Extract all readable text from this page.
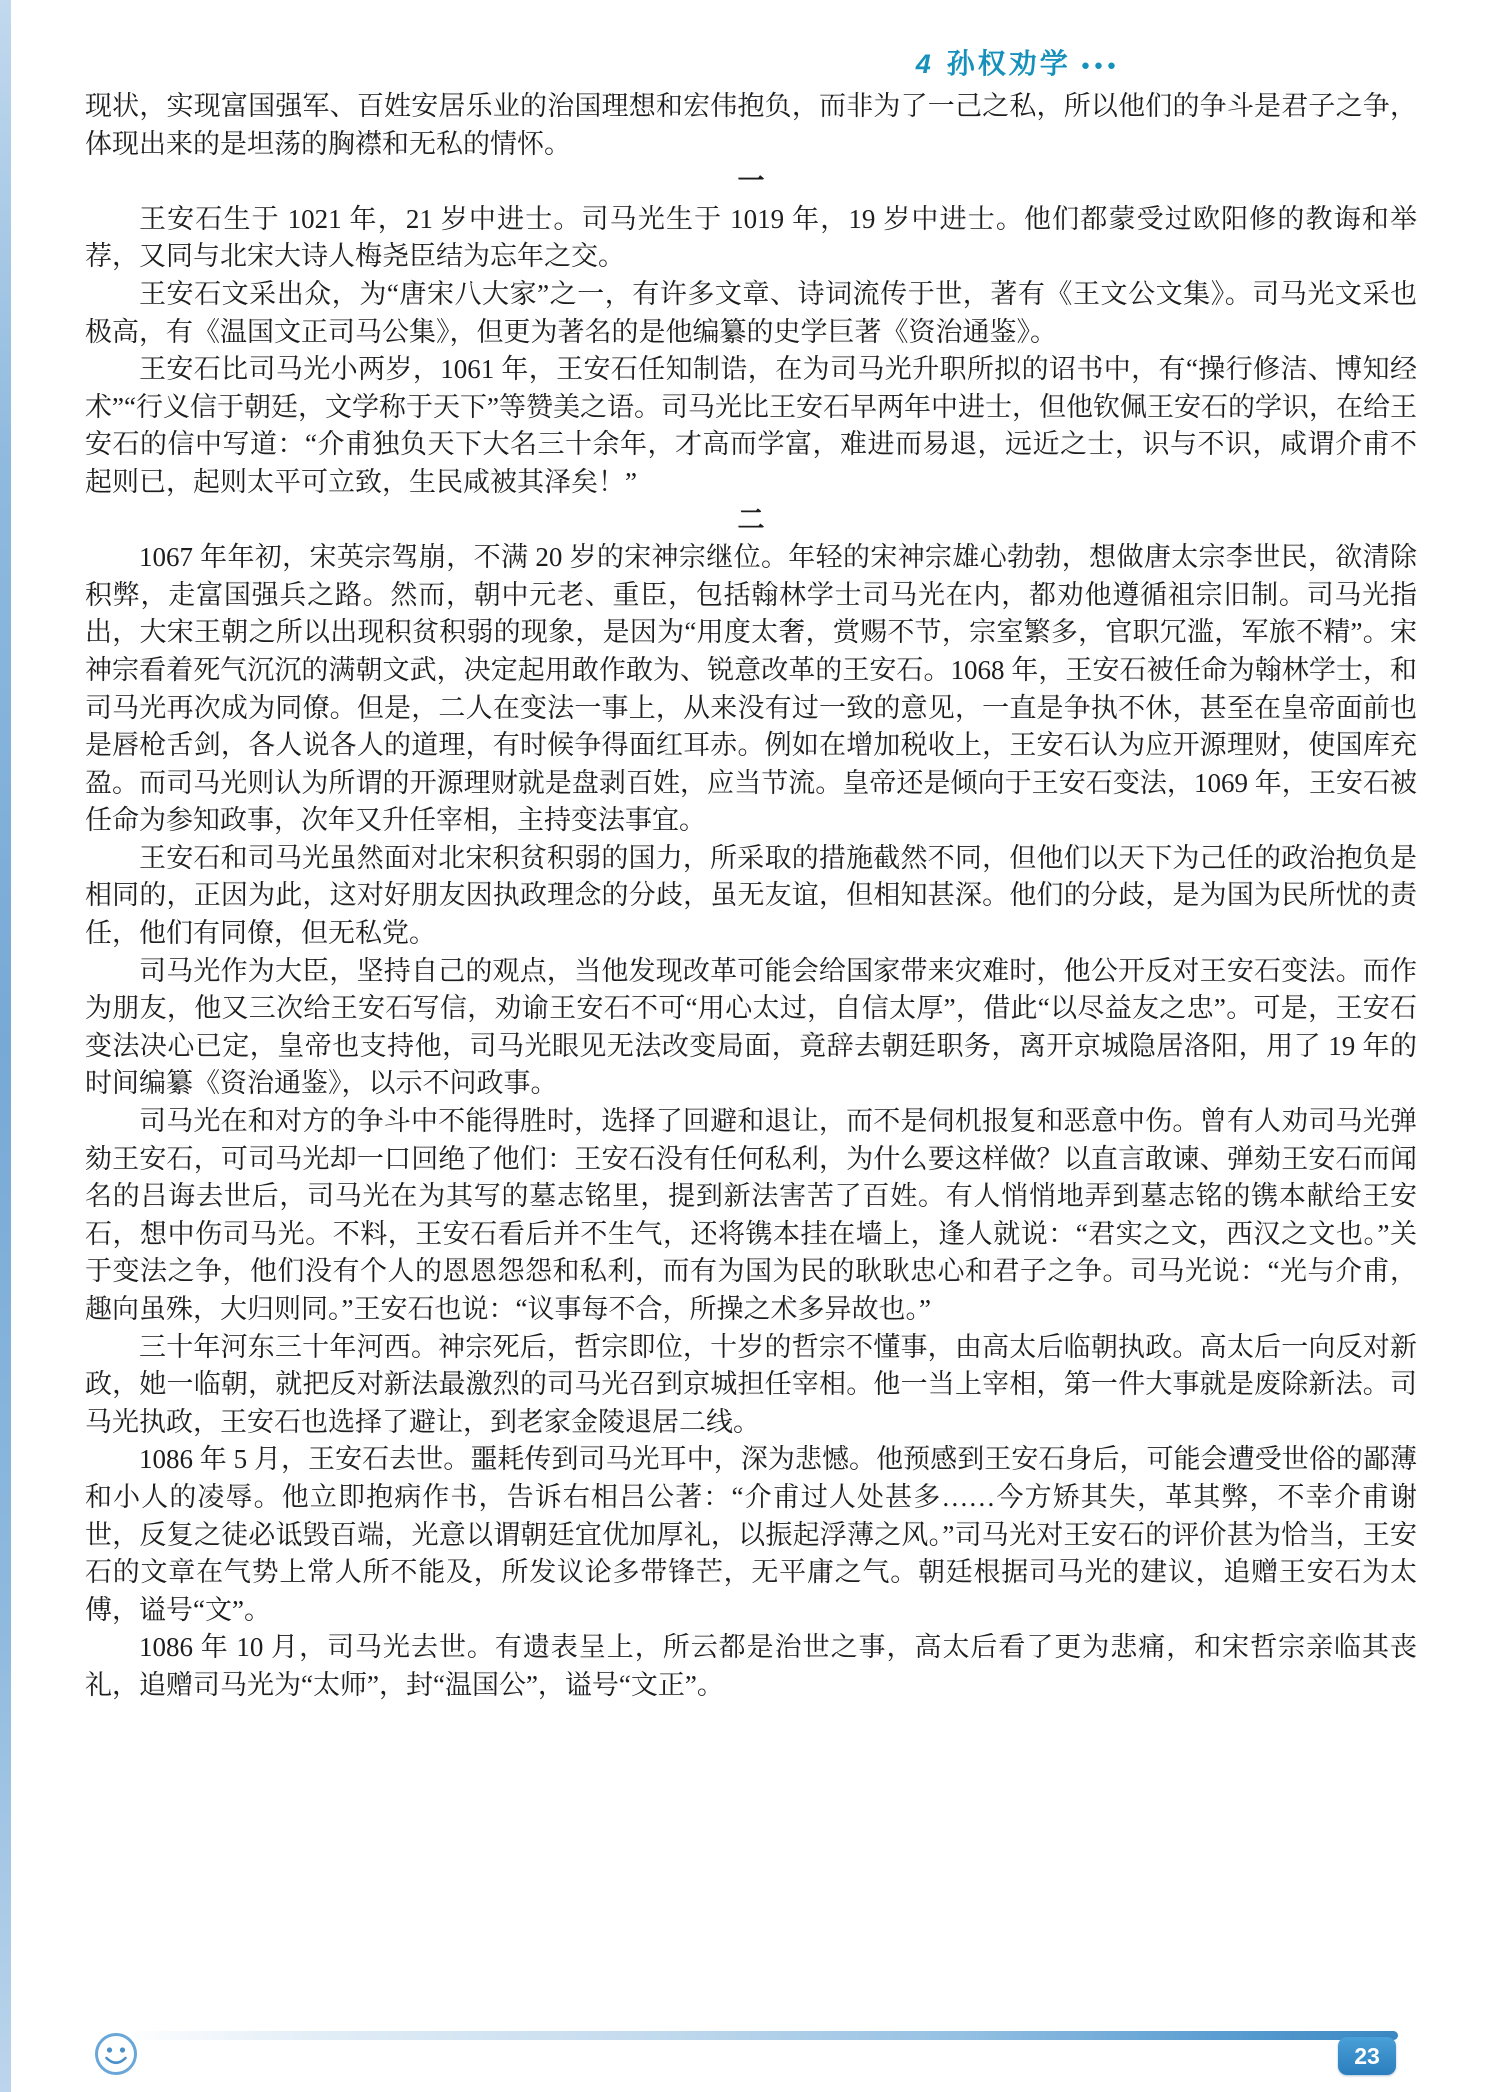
4 孙权劝学 ●●●

现状，实现富国强军、百姓安居乐业的治国理想和宏伟抱负，而非为了一己之私，所以他们的争斗是君子之争，体现出来的是坦荡的胸襟和无私的情怀。

一

王安石生于 1021 年，21 岁中进士。司马光生于 1019 年，19 岁中进士。他们都蒙受过欧阳修的教诲和举荐，又同与北宋大诗人梅尧臣结为忘年之交。

王安石文采出众，为“唐宋八大家”之一，有许多文章、诗词流传于世，著有《王文公文集》。司马光文采也极高，有《温国文正司马公集》，但更为著名的是他编纂的史学巨著《资治通鉴》。

王安石比司马光小两岁，1061 年，王安石任知制诰，在为司马光升职所拟的诏书中，有“操行修洁、博知经术”“行义信于朝廷，文学称于天下”等赞美之语。司马光比王安石早两年中进士，但他钦佩王安石的学识，在给王安石的信中写道：“介甫独负天下大名三十余年，才高而学富，难进而易退，远近之士，识与不识，咸谓介甫不起则已，起则太平可立致，生民咸被其泽矣！”

二

1067 年年初，宋英宗驾崩，不满 20 岁的宋神宗继位。年轻的宋神宗雄心勃勃，想做唐太宗李世民，欲清除积弊，走富国强兵之路。然而，朝中元老、重臣，包括翰林学士司马光在内，都劝他遵循祖宗旧制。司马光指出，大宋王朝之所以出现积贫积弱的现象，是因为“用度太奢，赏赐不节，宗室繁多，官职冗滥，军旅不精”。宋神宗看着死气沉沉的满朝文武，决定起用敢作敢为、锐意改革的王安石。1068 年，王安石被任命为翰林学士，和司马光再次成为同僚。但是，二人在变法一事上，从来没有过一致的意见，一直是争执不休，甚至在皇帝面前也是唇枪舌剑，各人说各人的道理，有时候争得面红耳赤。例如在增加税收上，王安石认为应开源理财，使国库充盈。而司马光则认为所谓的开源理财就是盘剥百姓，应当节流。皇帝还是倾向于王安石变法，1069 年，王安石被任命为参知政事，次年又升任宰相，主持变法事宜。

王安石和司马光虽然面对北宋积贫积弱的国力，所采取的措施截然不同，但他们以天下为己任的政治抱负是相同的，正因为此，这对好朋友因执政理念的分歧，虽无友谊，但相知甚深。他们的分歧，是为国为民所忧的责任，他们有同僚，但无私党。

司马光作为大臣，坚持自己的观点，当他发现改革可能会给国家带来灾难时，他公开反对王安石变法。而作为朋友，他又三次给王安石写信，劝谕王安石不可“用心太过，自信太厚”，借此“以尽益友之忠”。可是，王安石变法决心已定，皇帝也支持他，司马光眼见无法改变局面，竟辞去朝廷职务，离开京城隐居洛阳，用了 19 年的时间编纂《资治通鉴》，以示不问政事。

司马光在和对方的争斗中不能得胜时，选择了回避和退让，而不是伺机报复和恶意中伤。曾有人劝司马光弹劾王安石，可司马光却一口回绝了他们：王安石没有任何私利，为什么要这样做？以直言敢谏、弹劾王安石而闻名的吕诲去世后，司马光在为其写的墓志铭里，提到新法害苦了百姓。有人悄悄地弄到墓志铭的镌本献给王安石，想中伤司马光。不料，王安石看后并不生气，还将镌本挂在墙上，逢人就说：“君实之文，西汉之文也。”关于变法之争，他们没有个人的恩恩怨怨和私利，而有为国为民的耿耿忠心和君子之争。司马光说：“光与介甫，趣向虽殊，大归则同。”王安石也说：“议事每不合，所操之术多异故也。”

三十年河东三十年河西。神宗死后，哲宗即位，十岁的哲宗不懂事，由高太后临朝执政。高太后一向反对新政，她一临朝，就把反对新法最激烈的司马光召到京城担任宰相。他一当上宰相，第一件大事就是废除新法。司马光执政，王安石也选择了避让，到老家金陵退居二线。

1086 年 5 月，王安石去世。噩耗传到司马光耳中，深为悲憾。他预感到王安石身后，可能会遭受世俗的鄙薄和小人的凌辱。他立即抱病作书，告诉右相吕公著：“介甫过人处甚多……今方矫其失，革其弊，不幸介甫谢世，反复之徒必诋毁百端，光意以谓朝廷宜优加厚礼，以振起浮薄之风。”司马光对王安石的评价甚为恰当，王安石的文章在气势上常人所不能及，所发议论多带锋芒，无平庸之气。朝廷根据司马光的建议，追赠王安石为太傅，谥号“文”。

1086 年 10 月，司马光去世。有遗表呈上，所云都是治世之事，高太后看了更为悲痛，和宋哲宗亲临其丧礼，追赠司马光为“太师”，封“温国公”，谥号“文正”。

23
